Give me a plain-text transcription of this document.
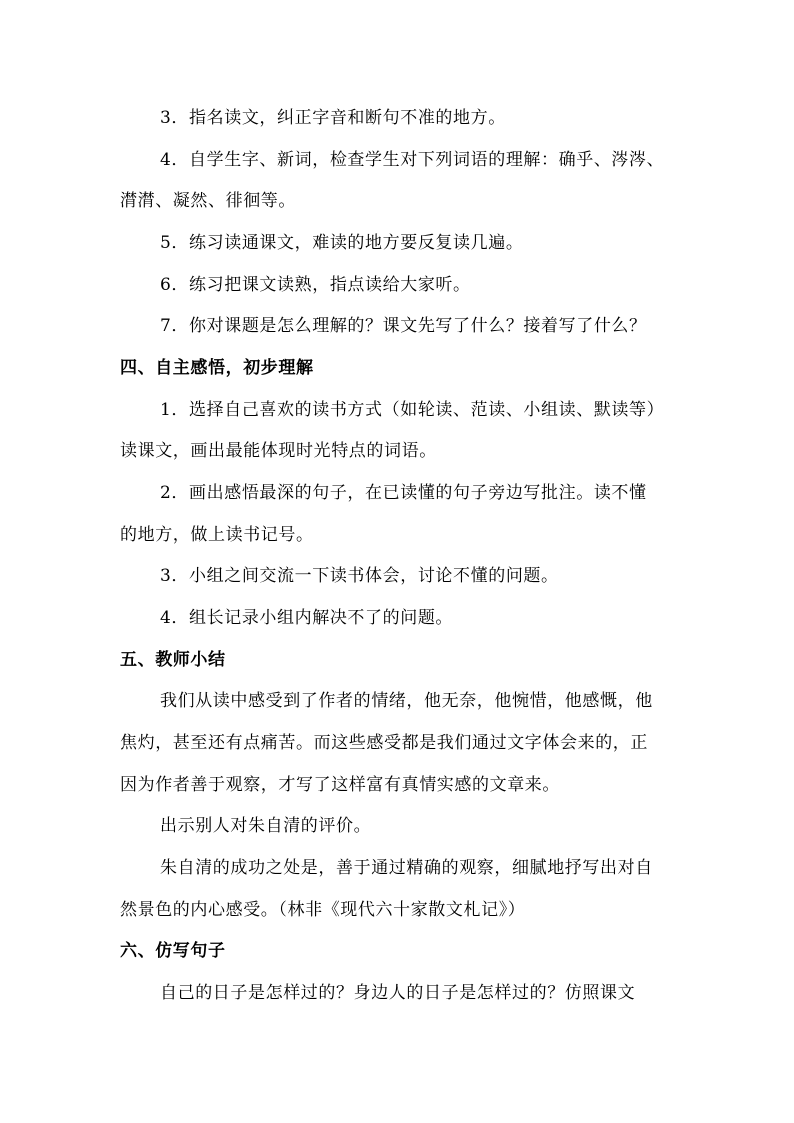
3．指名读文，纠正字音和断句不准的地方。
4．自学生字、新词，检查学生对下列词语的理解：确乎、涔涔、
潸潸、凝然、徘徊等。
5．练习读通课文，难读的地方要反复读几遍。
6．练习把课文读熟，指点读给大家听。
7．你对课题是怎么理解的？课文先写了什么？接着写了什么？
四、自主感悟，初步理解
1．选择自己喜欢的读书方式（如轮读、范读、小组读、默读等）
读课文，画出最能体现时光特点的词语。
2．画出感悟最深的句子，在已读懂的句子旁边写批注。读不懂
的地方，做上读书记号。
3．小组之间交流一下读书体会，讨论不懂的问题。
4．组长记录小组内解决不了的问题。
五、教师小结
我们从读中感受到了作者的情绪，他无奈，他惋惜，他感慨，他
焦灼，甚至还有点痛苦。而这些感受都是我们通过文字体会来的，正
因为作者善于观察，才写了这样富有真情实感的文章来。
出示别人对朱自清的评价。
朱自清的成功之处是，善于通过精确的观察，细腻地抒写出对自
然景色的内心感受。（林非《现代六十家散文札记》）
六、仿写句子
自己的日子是怎样过的？身边人的日子是怎样过的？仿照课文
